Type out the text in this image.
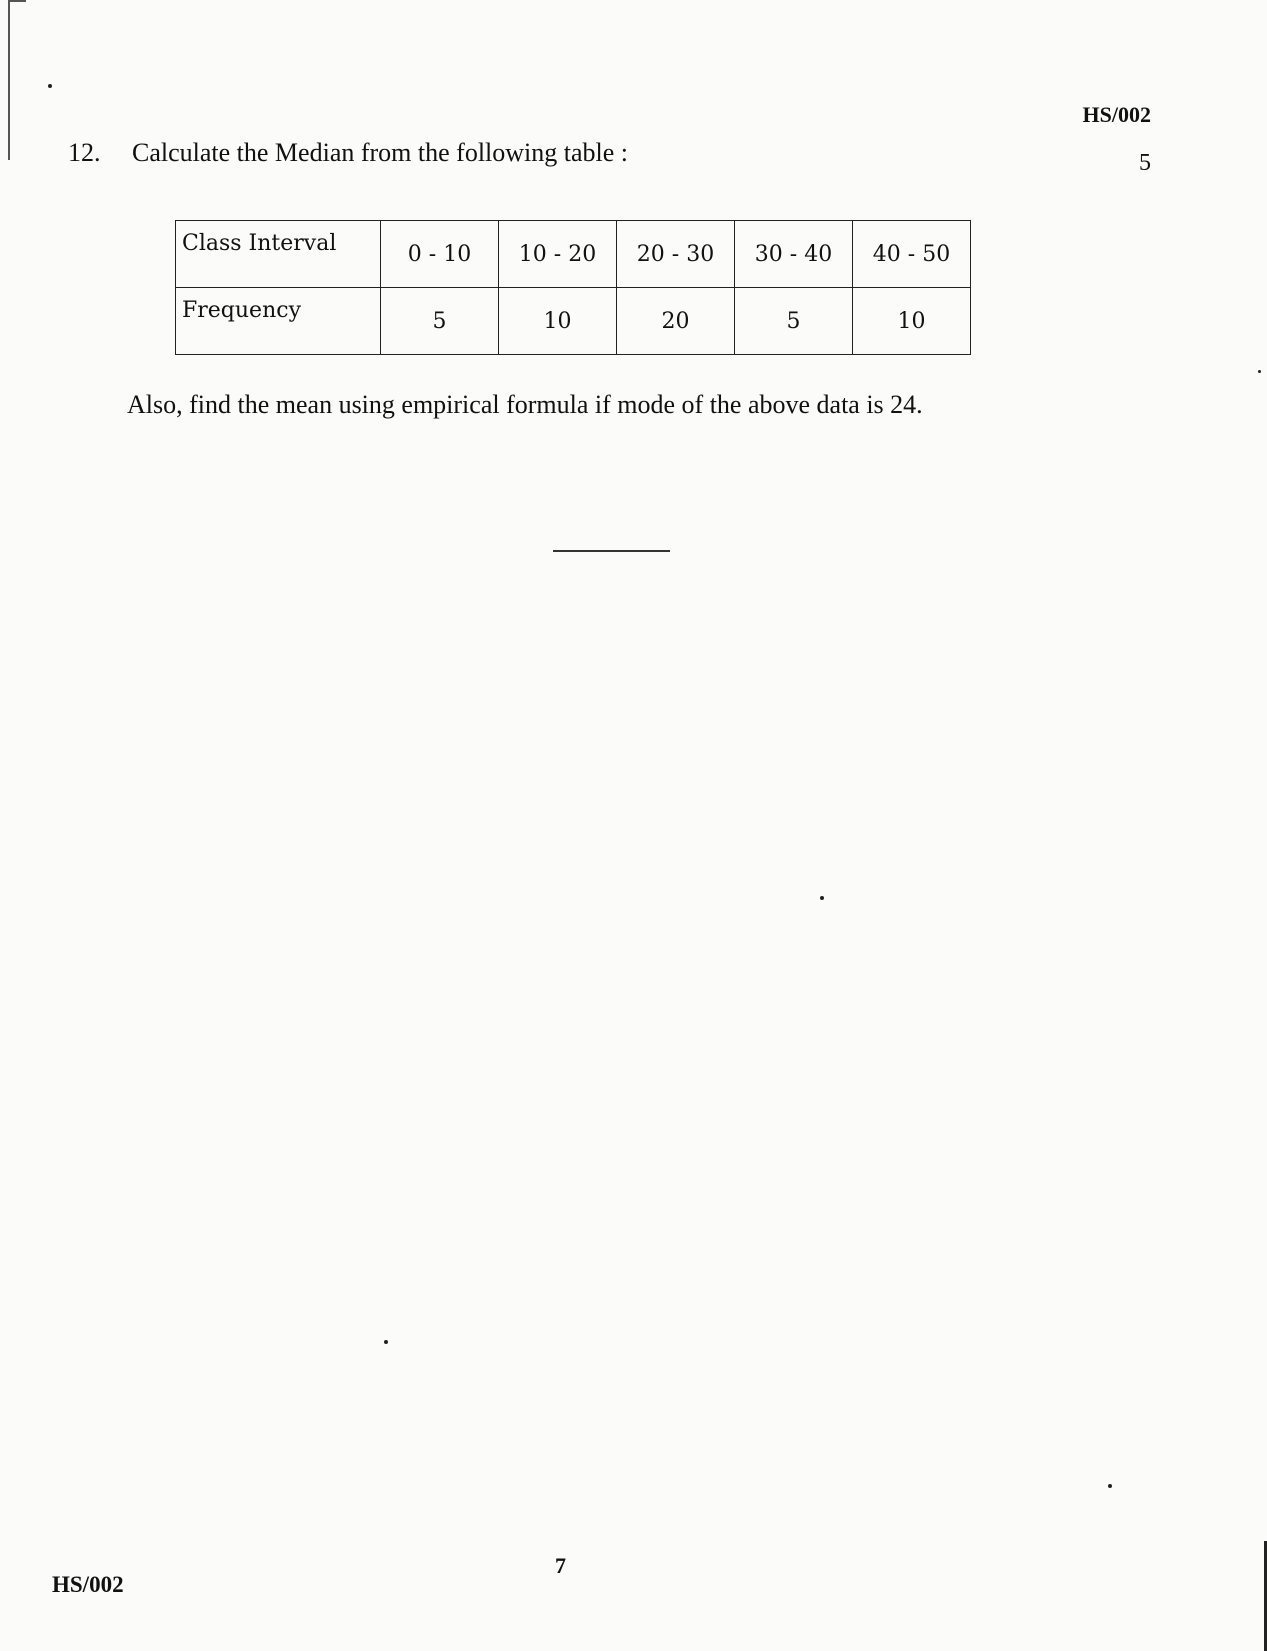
HS/002
12. Calculate the Median from the following table :	5
Class Interval	0 - 10	10 - 20	20 - 30	30 - 40	40 - 50
Frequency	5	10	20	5	10
Also, find the mean using empirical formula if mode of the above data is 24.
7
HS/002
